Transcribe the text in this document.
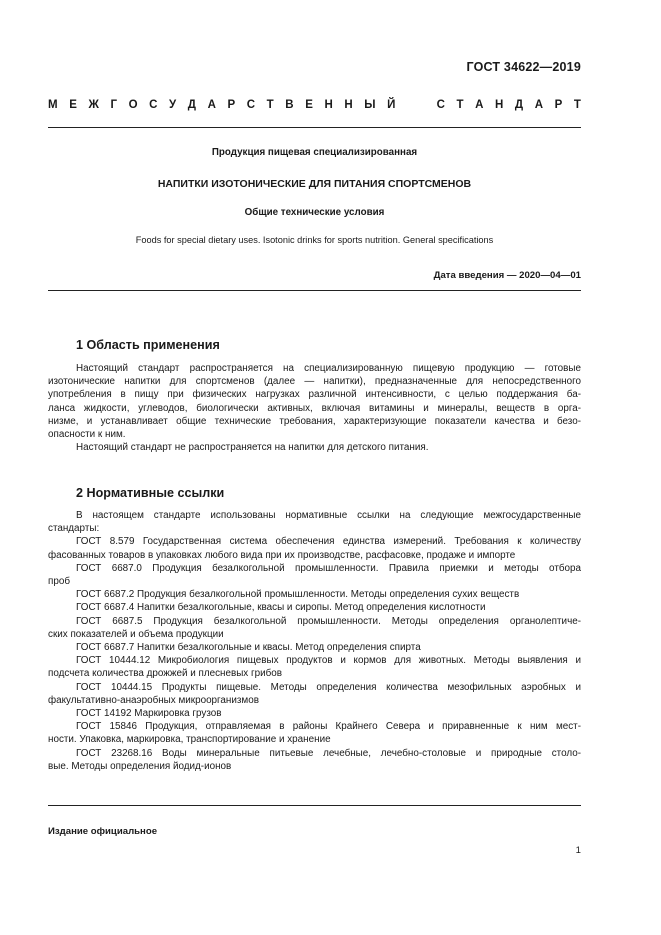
ГОСТ 34622—2019
М Е Ж Г О С У Д А Р С Т В Е Н Н Ы Й

	С Т А Н Д А Р Т
Продукция пищевая специализированная
НАПИТКИ ИЗОТОНИЧЕСКИЕ ДЛЯ ПИТАНИЯ СПОРТСМЕНОВ
Общие технические условия
Foods for special dietary uses. Isotonic drinks for sports nutrition. General specifications
Дата введения — 2020—04—01
1 Область применения
Настоящий стандарт распространяется на специализированную пищевую продукцию — готовые
изотонические напитки для спортсменов (далее — напитки), предназначенные для непосредственного
употребления в пищу при физических нагрузках различной интенсивности, с целью поддержания ба-
ланса жидкости, углеводов, биологически активных, включая витамины и минералы, веществ в орга-
низме, и устанавливает общие технические требования, характеризующие показатели качества и безо-
опасности к ним.
Настоящий стандарт не распространяется на напитки для детского питания.
2 Нормативные ссылки
В настоящем стандарте использованы нормативные ссылки на следующие межгосударственные
стандарты:
ГОСТ 8.579 Государственная система обеспечения единства измерений. Требования к количеству
фасованных товаров в упаковках любого вида при их производстве, расфасовке, продаже и импорте
ГОСТ 6687.0 Продукция безалкогольной промышленности. Правила приемки и методы отбора
проб
ГОСТ 6687.2 Продукция безалкогольной промышленности. Методы определения сухих веществ
ГОСТ 6687.4 Напитки безалкогольные, квасы и сиропы. Метод определения кислотности
ГОСТ 6687.5 Продукция безалкогольной промышленности. Методы определения органолептиче-
ских показателей и объема продукции
ГОСТ 6687.7 Напитки безалкогольные и квасы. Метод определения спирта
ГОСТ 10444.12 Микробиология пищевых продуктов и кормов для животных. Методы выявления и
подсчета количества дрожжей и плесневых грибов
ГОСТ 10444.15 Продукты пищевые. Методы определения количества мезофильных аэробных и
факультативно-анаэробных микроорганизмов
ГОСТ 14192 Маркировка грузов
ГОСТ 15846 Продукция, отправляемая в районы Крайнего Севера и приравненные к ним мест-
ности. Упаковка, маркировка, транспортирование и хранение
ГОСТ 23268.16 Воды минеральные питьевые лечебные, лечебно-столовые и природные столо-
вые. Методы определения йодид-ионов
Издание официальное
1
